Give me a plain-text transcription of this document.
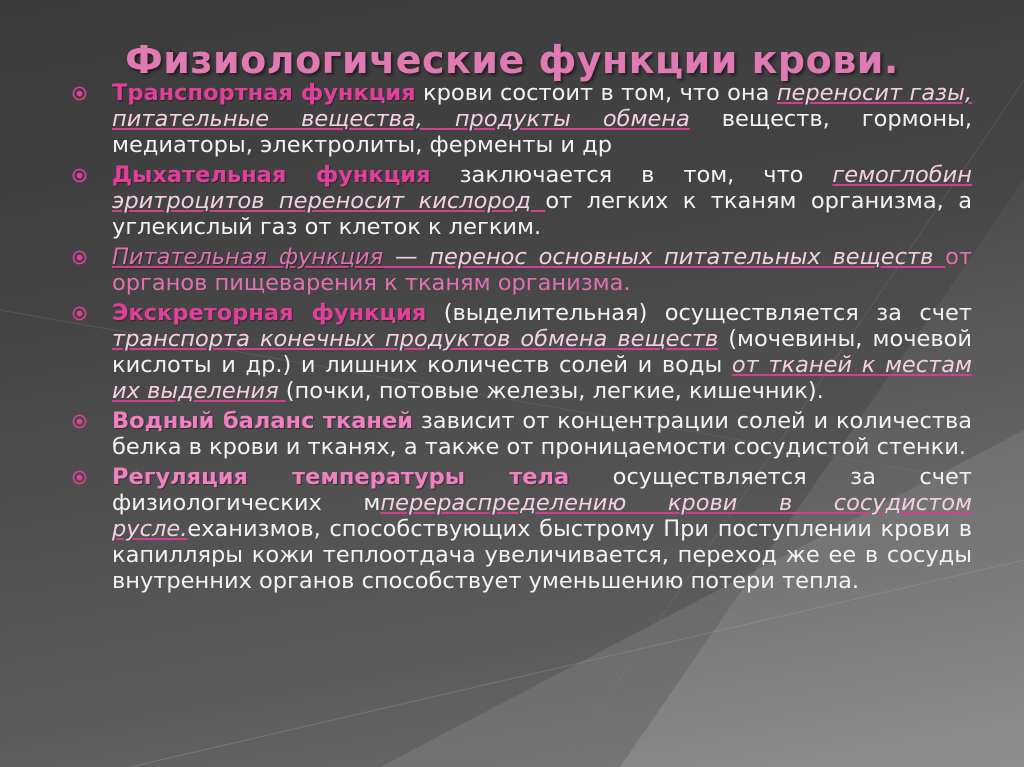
Физиологические функции крови.
Транспортная функция крови состоит в том, что она переносит газы, питательные вещества, продукты обмена веществ, гормоны, медиаторы, электролиты, ферменты и др
Дыхательная функция заключается в том, что гемоглобин эритроцитов переносит кислород от легких к тканям организма, а углекислый газ от клеток к легким.
Питательная функция — перенос основных питательных веществ от органов пищеварения к тканям организма.
Экскреторная функция (выделительная) осуществляется за счет транспорта конечных продуктов обмена веществ (мочевины, мочевой кислоты и др.) и лишних количеств солей и воды от тканей к местам их выделения (почки, потовые железы, легкие, кишечник).
Водный баланс тканей зависит от концентрации солей и количества белка в крови и тканях, а также от проницаемости сосудистой стенки.
Регуляция температуры тела осуществляется за счет физиологических мперераспределению крови в сосудистом русле.еханизмов, способствующих быстрому При поступлении крови в капилляры кожи теплоотдача увеличивается, переход же ее в сосуды внутренних органов способствует уменьшению потери тепла.
